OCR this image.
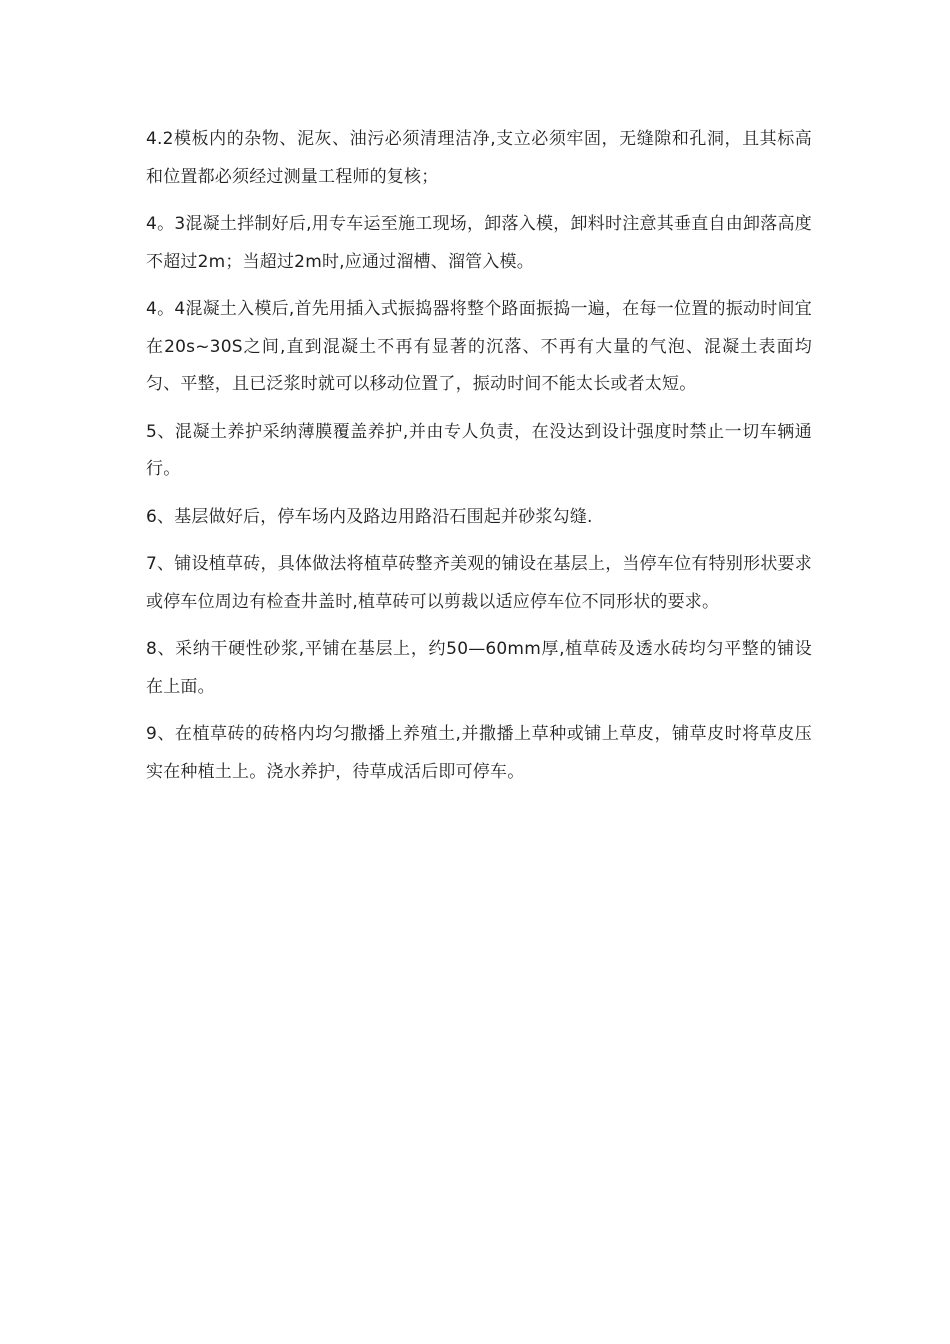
4.2模板内的杂物、泥灰、油污必须清理洁净,支立必须牢固，无缝隙和孔洞，且其标高和位置都必须经过测量工程师的复核；

4。3混凝土拌制好后,用专车运至施工现场，卸落入模，卸料时注意其垂直自由卸落高度不超过2m；当超过2m时,应通过溜槽、溜管入模。

4。4混凝土入模后,首先用插入式振捣器将整个路面振捣一遍，在每一位置的振动时间宜在20s~30S之间,直到混凝土不再有显著的沉落、不再有大量的气泡、混凝土表面均匀、平整，且已泛浆时就可以移动位置了，振动时间不能太长或者太短。

5、混凝土养护采纳薄膜覆盖养护,并由专人负责，在没达到设计强度时禁止一切车辆通行。

6、基层做好后，停车场内及路边用路沿石围起并砂浆勾缝.

7、铺设植草砖，具体做法将植草砖整齐美观的铺设在基层上，当停车位有特别形状要求或停车位周边有检查井盖时,植草砖可以剪裁以适应停车位不同形状的要求。

8、采纳干硬性砂浆,平铺在基层上，约50—60mm厚,植草砖及透水砖均匀平整的铺设在上面。

9、在植草砖的砖格内均匀撒播上养殖土,并撒播上草种或铺上草皮，铺草皮时将草皮压实在种植土上。浇水养护，待草成活后即可停车。
